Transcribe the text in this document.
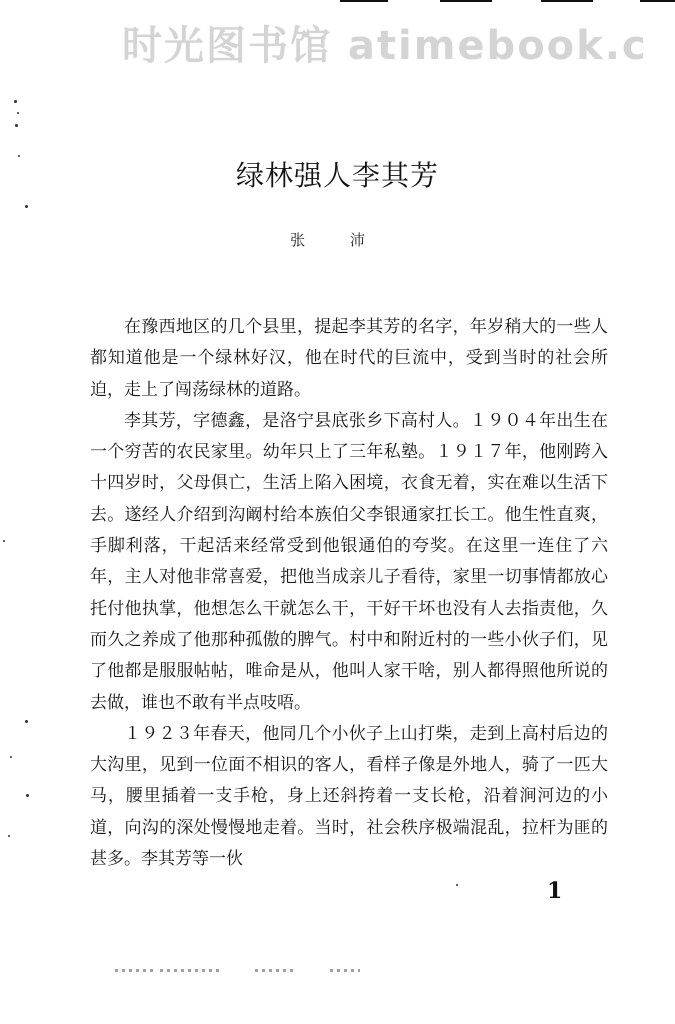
时光图书馆 atimebook.c
绿林强人李其芳
张 沛

在豫西地区的几个县里，提起李其芳的名字，年岁稍大的一些人都知道他是一个绿林好汉，他在时代的巨流中，受到当时的社会所迫，走上了闯荡绿林的道路。

李其芳，字德鑫，是洛宁县底张乡下高村人。１９０４年出生在一个穷苦的农民家里。幼年只上了三年私塾。１９１７年，他刚跨入十四岁时，父母俱亡，生活上陷入困境，衣食无着，实在难以生活下去。遂经人介绍到沟阚村给本族伯父李银通家扛长工。他生性直爽，手脚利落，干起活来经常受到他银通伯的夸奖。在这里一连住了六年，主人对他非常喜爱，把他当成亲儿子看待，家里一切事情都放心托付他执掌，他想怎么干就怎么干，干好干坏也没有人去指责他，久而久之养成了他那种孤傲的脾气。村中和附近村的一些小伙子们，见了他都是服服帖帖，唯命是从，他叫人家干啥，别人都得照他所说的去做，谁也不敢有半点吱唔。

１９２３年春天，他同几个小伙子上山打柴，走到上高村后边的大沟里，见到一位面不相识的客人，看样子像是外地人，骑了一匹大马，腰里插着一支手枪，身上还斜挎着一支长枪，沿着涧河边的小道，向沟的深处慢慢地走着。当时，社会秩序极端混乱，拉杆为匪的甚多。李其芳等一伙

1
